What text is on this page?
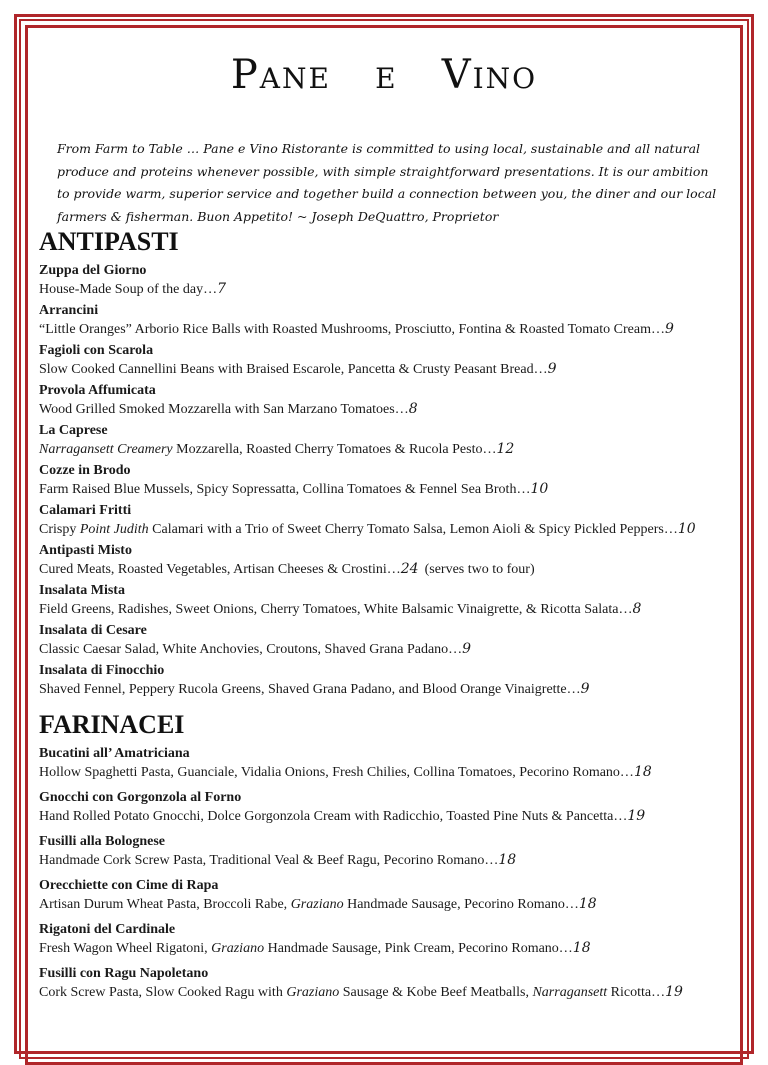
Pane   e   Vino
From Farm to Table … Pane e Vino Ristorante is committed to using local, sustainable and all natural produce and proteins whenever possible, with simple straightforward presentations. It is our ambition to provide warm, superior service and together build a connection between you, the diner and our local farmers & fisherman. Buon Appetito! ~ Joseph DeQuattro, Proprietor
ANTIPASTI
Zuppa del Giorno
House-Made Soup of the day…7
Arrancini
“Little Oranges” Arborio Rice Balls with Roasted Mushrooms, Prosciutto, Fontina & Roasted Tomato Cream…9
Fagioli con Scarola
Slow Cooked Cannellini Beans with Braised Escarole, Pancetta & Crusty Peasant Bread…9
Provola Affumicata
Wood Grilled Smoked Mozzarella with San Marzano Tomatoes…8
La Caprese
Narragansett Creamery Mozzarella, Roasted Cherry Tomatoes & Rucola Pesto…12
Cozze in Brodo
Farm Raised Blue Mussels, Spicy Sopressatta, Collina Tomatoes & Fennel Sea Broth…10
Calamari Fritti
Crispy Point Judith Calamari with a Trio of Sweet Cherry Tomato Salsa, Lemon Aioli & Spicy Pickled Peppers…10
Antipasti Misto
Cured Meats, Roasted Vegetables, Artisan Cheeses & Crostini…24 (serves two to four)
Insalata Mista
Field Greens, Radishes, Sweet Onions, Cherry Tomatoes, White Balsamic Vinaigrette, & Ricotta Salata…8
Insalata di Cesare
Classic Caesar Salad, White Anchovies, Croutons, Shaved Grana Padano…9
Insalata di Finocchio
Shaved Fennel, Peppery Rucola Greens, Shaved Grana Padano, and Blood Orange Vinaigrette…9
FARINACEI
Bucatini all’ Amatriciana
Hollow Spaghetti Pasta, Guanciale, Vidalia Onions, Fresh Chilies, Collina Tomatoes, Pecorino Romano…18
Gnocchi con Gorgonzola al Forno
Hand Rolled Potato Gnocchi, Dolce Gorgonzola Cream with Radicchio, Toasted Pine Nuts & Pancetta…19
Fusilli alla Bolognese
Handmade Cork Screw Pasta, Traditional Veal & Beef Ragu, Pecorino Romano…18
Orecchiette con Cime di Rapa
Artisan Durum Wheat Pasta, Broccoli Rabe, Graziano Handmade Sausage, Pecorino Romano…18
Rigatoni del Cardinale
Fresh Wagon Wheel Rigatoni, Graziano Handmade Sausage, Pink Cream, Pecorino Romano…18
Fusilli con Ragu Napoletano
Cork Screw Pasta, Slow Cooked Ragu with Graziano Sausage & Kobe Beef Meatballs, Narragansett Ricotta…19
